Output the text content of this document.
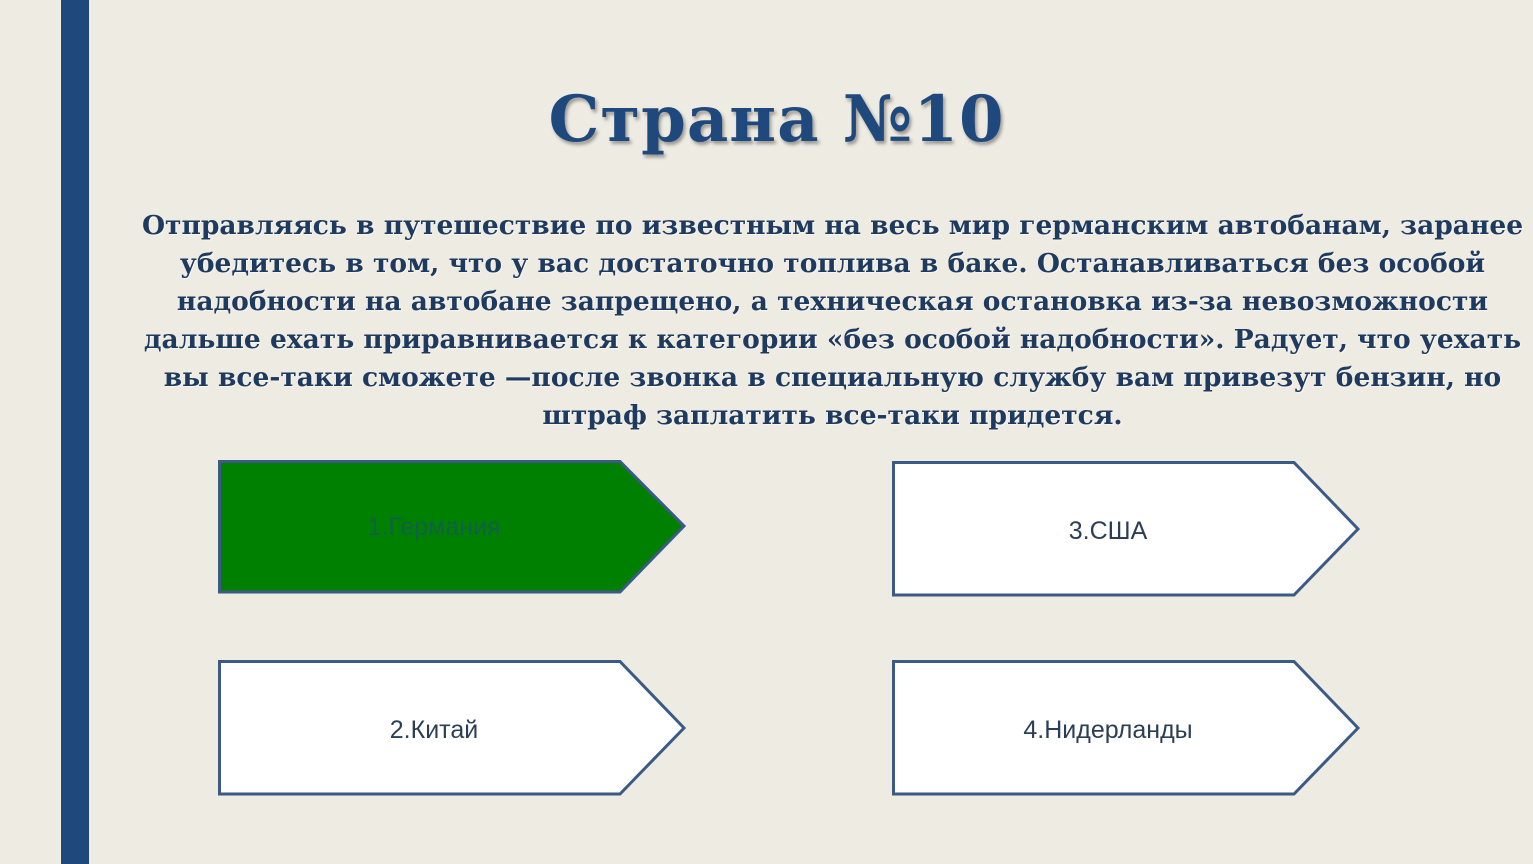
Страна №10
Отправляясь в путешествие по известным на весь мир германским автобанам, заранее убедитесь в том, что у вас достаточно топлива в баке. Останавливаться без особой надобности на автобане запрещено, а техническая остановка из-за невозможности дальше ехать приравнивается к категории «без особой надобности». Радует, что уехать вы все-таки сможете —после звонка в специальную службу вам привезут бензин, но штраф заплатить все-таки придется.
1.Германия
2.Китай
3.США
4.Нидерланды
